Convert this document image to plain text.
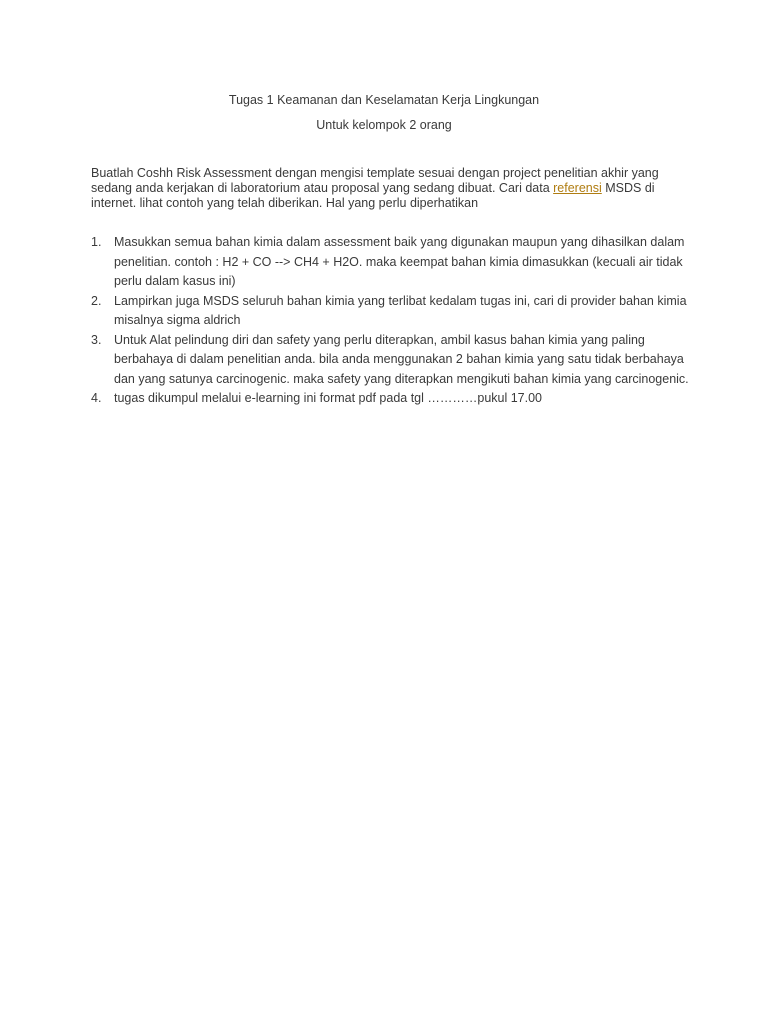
Tugas 1 Keamanan dan Keselamatan Kerja Lingkungan

Untuk kelompok 2 orang

Buatlah Coshh Risk Assessment dengan mengisi template sesuai dengan project penelitian akhir yang sedang anda kerjakan di laboratorium atau proposal yang sedang dibuat. Cari data referensi MSDS di internet. lihat contoh yang telah diberikan. Hal yang perlu diperhatikan

1. Masukkan semua bahan kimia dalam assessment baik yang digunakan maupun yang dihasilkan dalam penelitian. contoh : H2 + CO --> CH4 + H2O. maka keempat bahan kimia dimasukkan (kecuali air tidak perlu dalam kasus ini)
2. Lampirkan juga MSDS seluruh bahan kimia yang terlibat kedalam tugas ini, cari di provider bahan kimia misalnya sigma aldrich
3. Untuk Alat pelindung diri dan safety yang perlu diterapkan, ambil kasus bahan kimia yang paling berbahaya di dalam penelitian anda. bila anda menggunakan 2 bahan kimia yang satu tidak berbahaya dan yang satunya carcinogenic. maka safety yang diterapkan mengikuti bahan kimia yang carcinogenic.
4. tugas dikumpul melalui e-learning ini format pdf pada tgl …………pukul 17.00
